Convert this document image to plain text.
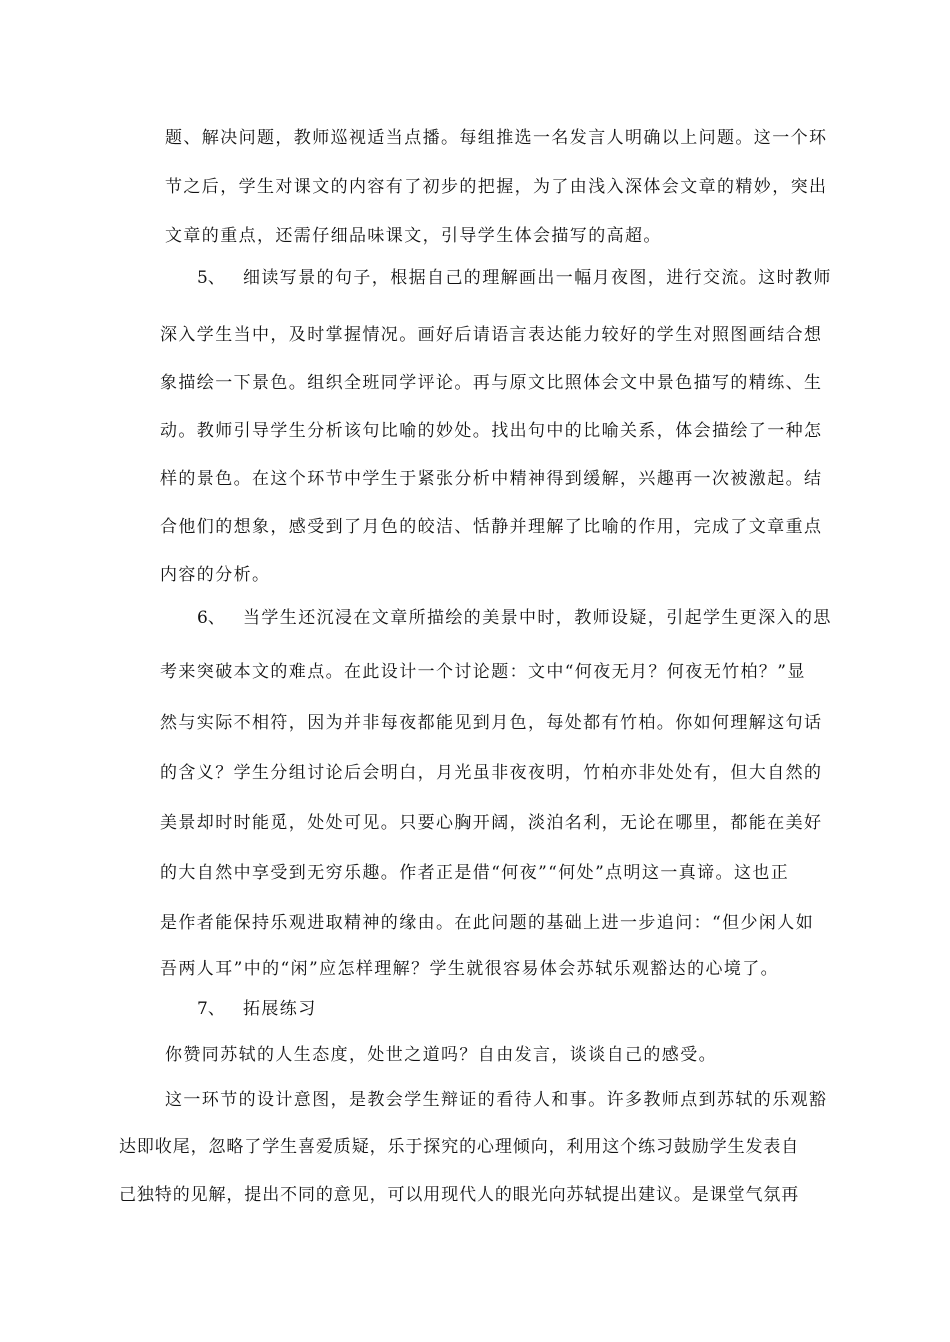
题、解决问题，教师巡视适当点播。每组推选一名发言人明确以上问题。这一个环
节之后，学生对课文的内容有了初步的把握，为了由浅入深体会文章的精妙，突出
文章的重点，还需仔细品味课文，引导学生体会描写的高超。
5、 细读写景的句子，根据自己的理解画出一幅月夜图，进行交流。这时教师
深入学生当中，及时掌握情况。画好后请语言表达能力较好的学生对照图画结合想
象描绘一下景色。组织全班同学评论。再与原文比照体会文中景色描写的精练、生
动。教师引导学生分析该句比喻的妙处。找出句中的比喻关系，体会描绘了一种怎
样的景色。在这个环节中学生于紧张分析中精神得到缓解，兴趣再一次被激起。结
合他们的想象，感受到了月色的皎洁、恬静并理解了比喻的作用，完成了文章重点
内容的分析。
6、 当学生还沉浸在文章所描绘的美景中时，教师设疑，引起学生更深入的思
考来突破本文的难点。在此设计一个讨论题：文中“何夜无月？何夜无竹柏？”显
然与实际不相符，因为并非每夜都能见到月色，每处都有竹柏。你如何理解这句话
的含义？学生分组讨论后会明白，月光虽非夜夜明，竹柏亦非处处有，但大自然的
美景却时时能觅，处处可见。只要心胸开阔，淡泊名利，无论在哪里，都能在美好
的大自然中享受到无穷乐趣。作者正是借“何夜”“何处”点明这一真谛。这也正
是作者能保持乐观进取精神的缘由。在此问题的基础上进一步追问：“但少闲人如
吾两人耳”中的“闲”应怎样理解？学生就很容易体会苏轼乐观豁达的心境了。
7、 拓展练习
你赞同苏轼的人生态度，处世之道吗？自由发言，谈谈自己的感受。
这一环节的设计意图，是教会学生辩证的看待人和事。许多教师点到苏轼的乐观豁
达即收尾，忽略了学生喜爱质疑，乐于探究的心理倾向，利用这个练习鼓励学生发表自
己独特的见解，提出不同的意见，可以用现代人的眼光向苏轼提出建议。是课堂气氛再
